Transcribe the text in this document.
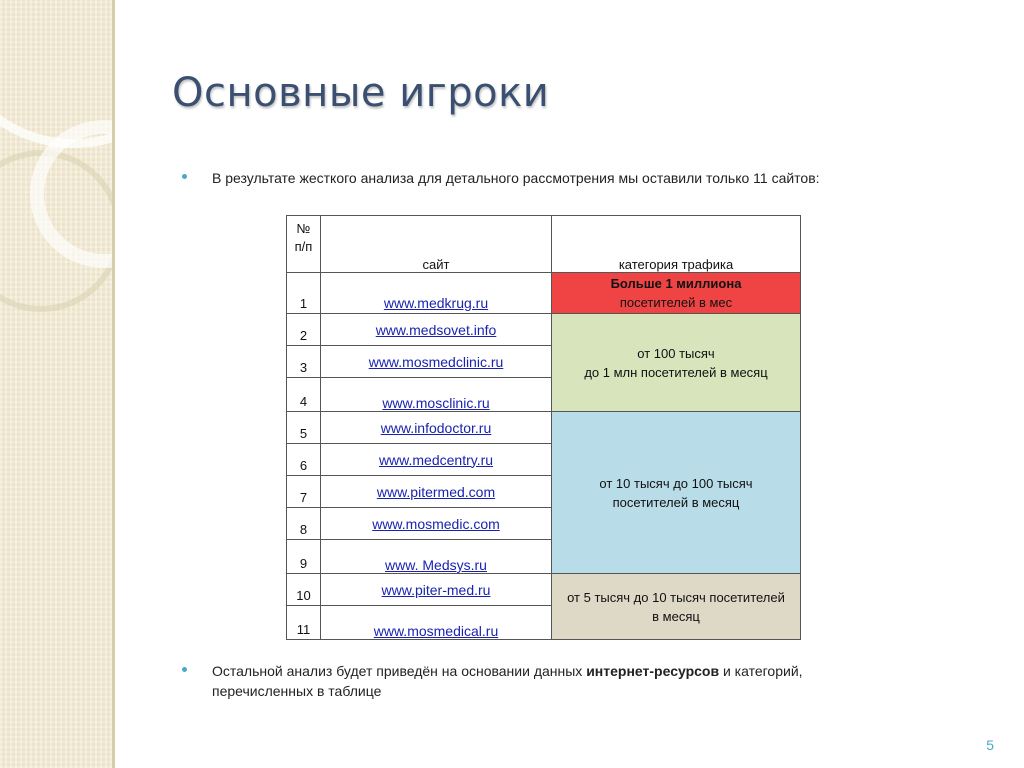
Основные игроки
В результате жесткого анализа для детального рассмотрения мы оставили только 11 сайтов:
№
п/п	сайт	категория трафика
1	www.medkrug.ru	Больше 1 миллиона
посетителей в мес

2	www.medsovet.info	от 100 тысяч
до 1 млн посетителей в месяц

3	www.mosmedclinic.ru	
4	www.mosclinic.ru	
5	www.infodoctor.ru	от 10 тысяч до 100 тысяч
посетителей в месяц

6	www.medcentry.ru	
7	www.pitermed.com	
8	www.mosmedic.com	
9	www. Medsys.ru	
10	www.piter-med.ru	от 5 тысяч до 10 тысяч посетителей
в месяц

11	www.mosmedical.ru	
Остальной анализ будет приведён на основании данных интернет-ресурсов и категорий,
перечисленных в таблице
5
